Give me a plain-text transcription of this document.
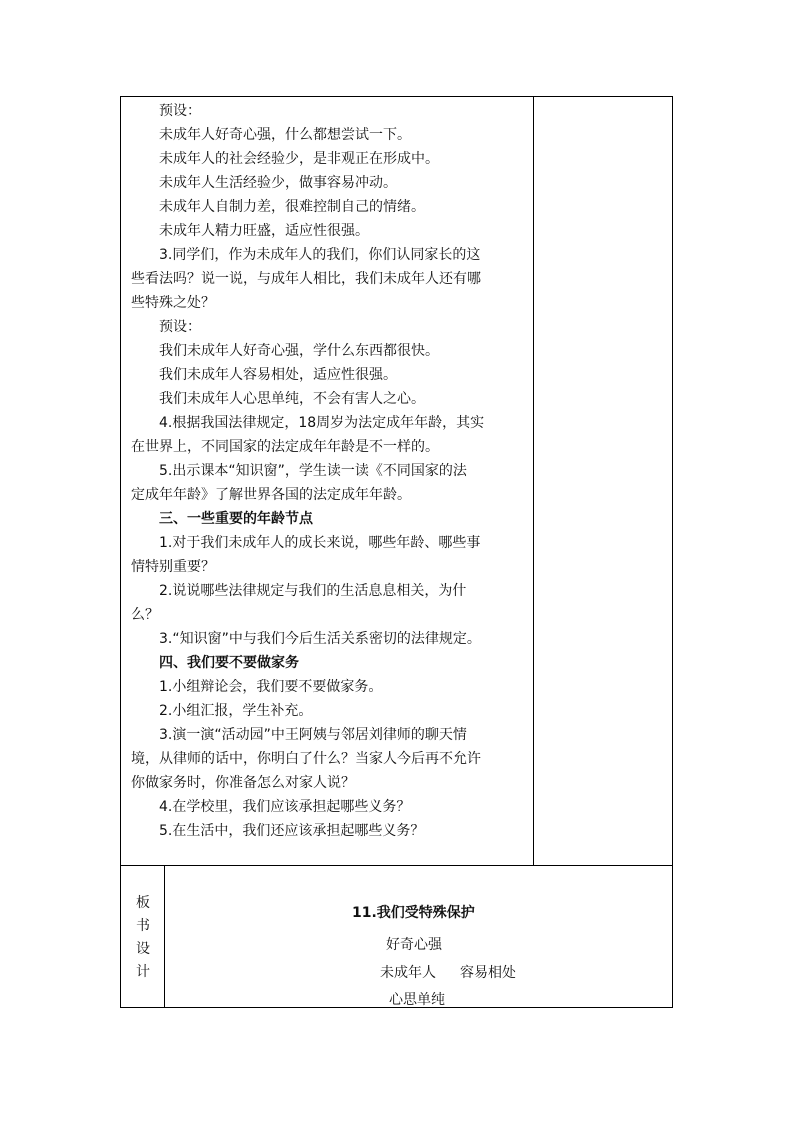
预设：
未成年人好奇心强，什么都想尝试一下。
未成年人的社会经验少，是非观正在形成中。
未成年人生活经验少，做事容易冲动。
未成年人自制力差，很难控制自己的情绪。
未成年人精力旺盛，适应性很强。
3.同学们，作为未成年人的我们，你们认同家长的这
些看法吗？说一说，与成年人相比，我们未成年人还有哪
些特殊之处？
预设：
我们未成年人好奇心强，学什么东西都很快。
我们未成年人容易相处，适应性很强。
我们未成年人心思单纯，不会有害人之心。
4.根据我国法律规定，18周岁为法定成年年龄，其实
在世界上，不同国家的法定成年年龄是不一样的。
5.出示课本“知识窗”，学生读一读《不同国家的法
定成年年龄》了解世界各国的法定成年年龄。
三、一些重要的年龄节点
1.对于我们未成年人的成长来说，哪些年龄、哪些事
情特别重要？
2.说说哪些法律规定与我们的生活息息相关，为什
么？
3.“知识窗”中与我们今后生活关系密切的法律规定。
四、我们要不要做家务
1.小组辩论会，我们要不要做家务。
2.小组汇报，学生补充。
3.演一演“活动园”中王阿姨与邻居刘律师的聊天情
境，从律师的话中，你明白了什么？当家人今后再不允许
你做家务时，你准备怎么对家人说？
4.在学校里，我们应该承担起哪些义务？
5.在生活中，我们还应该承担起哪些义务？
板
书
设
计
11.我们受特殊保护
好奇心强
未成年人 容易相处
心思单纯
